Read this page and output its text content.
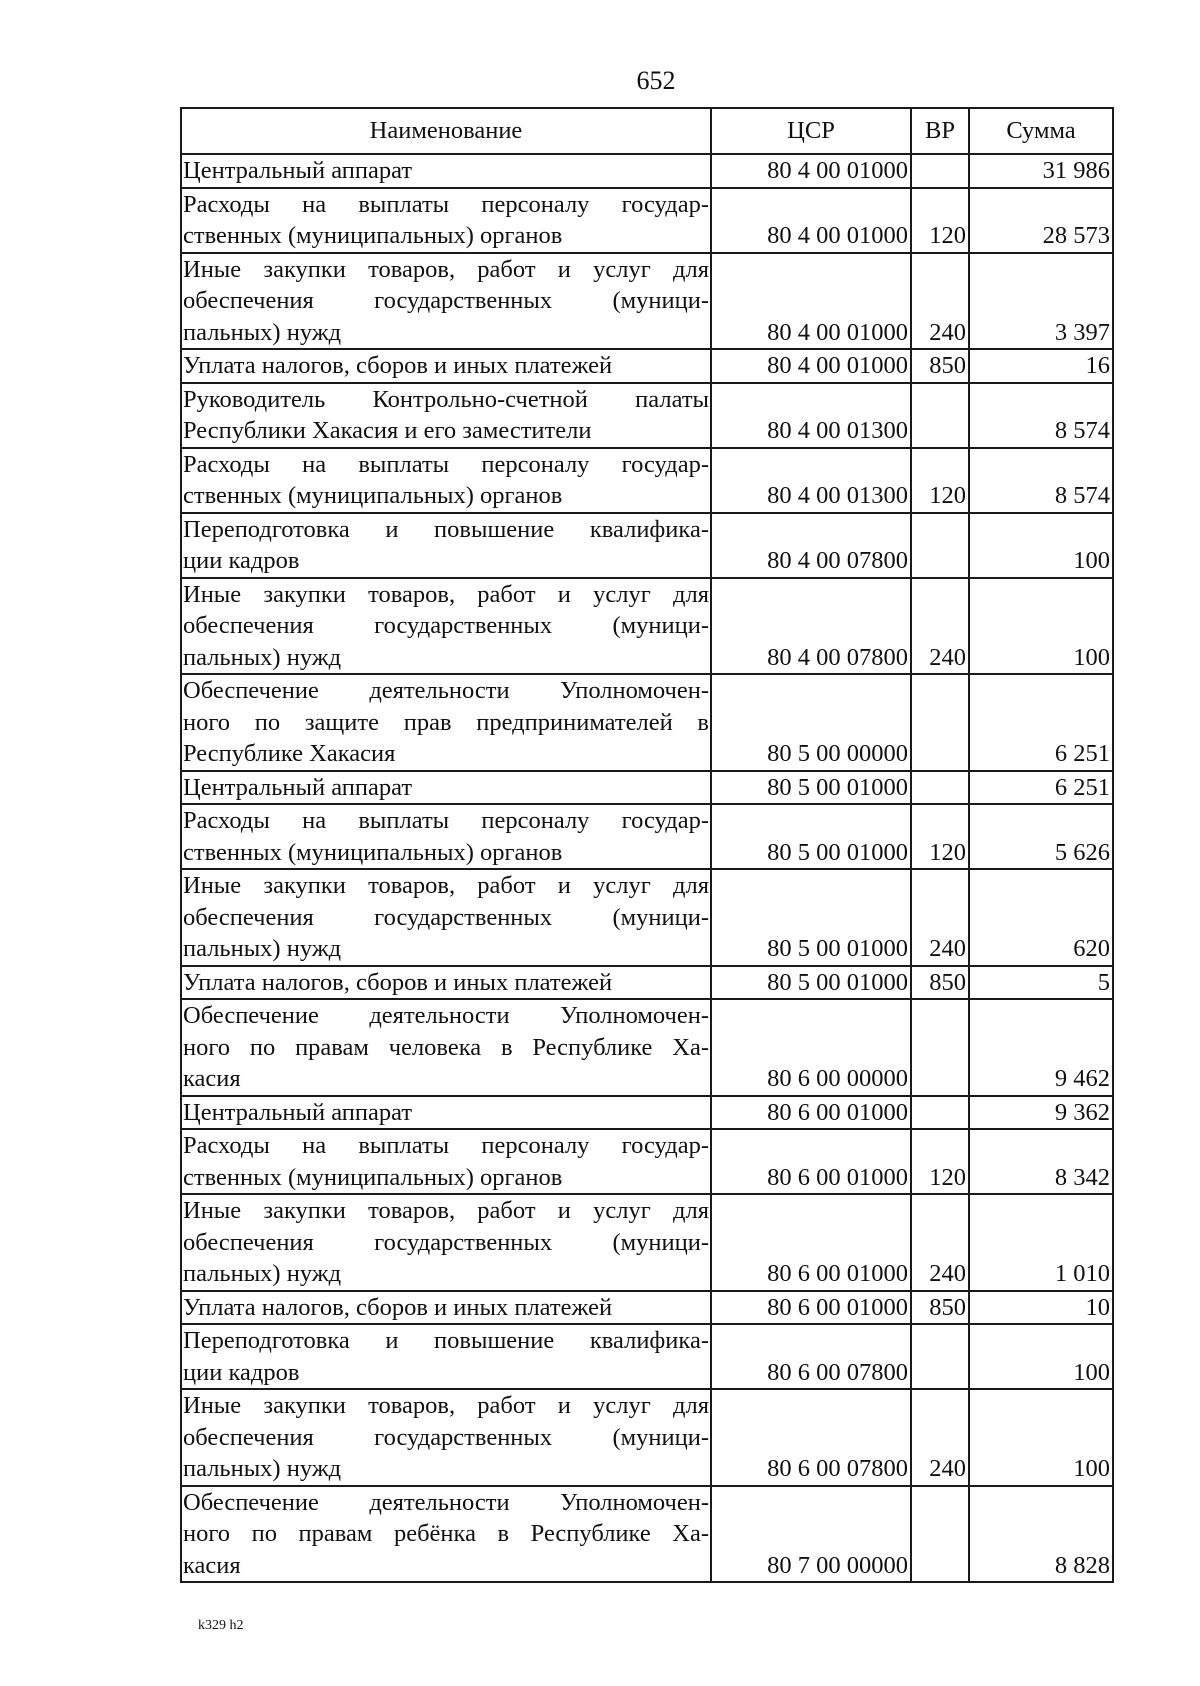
652
Наименование	ЦСР	ВР	Сумма
Центральный аппарат	80 4 00 01000		31 986

Расходы на выплаты персоналу государ-
ственных (муниципальных) органов	80 4 00 01000	120	28 573

Иные закупки товаров, работ и услуг для
обеспечения государственных (муници-
пальных) нужд	80 4 00 01000	240	3 397
Уплата налогов, сборов и иных платежей	80 4 00 01000	850	16

Руководитель Контрольно-счетной палаты
Республики Хакасия и его заместители	80 4 00 01300		8 574

Расходы на выплаты персоналу государ-
ственных (муниципальных) органов	80 4 00 01300	120	8 574

Переподготовка и повышение квалифика-
ции кадров	80 4 00 07800		100

Иные закупки товаров, работ и услуг для
обеспечения государственных (муници-
пальных) нужд	80 4 00 07800	240	100

Обеспечение деятельности Уполномочен-
ного по защите прав предпринимателей в
Республике Хакасия	80 5 00 00000		6 251
Центральный аппарат	80 5 00 01000		6 251

Расходы на выплаты персоналу государ-
ственных (муниципальных) органов	80 5 00 01000	120	5 626

Иные закупки товаров, работ и услуг для
обеспечения государственных (муници-
пальных) нужд	80 5 00 01000	240	620
Уплата налогов, сборов и иных платежей	80 5 00 01000	850	5

Обеспечение деятельности Уполномочен-
ного по правам человека в Республике Ха-
касия	80 6 00 00000		9 462
Центральный аппарат	80 6 00 01000		9 362

Расходы на выплаты персоналу государ-
ственных (муниципальных) органов	80 6 00 01000	120	8 342

Иные закупки товаров, работ и услуг для
обеспечения государственных (муници-
пальных) нужд	80 6 00 01000	240	1 010
Уплата налогов, сборов и иных платежей	80 6 00 01000	850	10

Переподготовка и повышение квалифика-
ции кадров	80 6 00 07800		100

Иные закупки товаров, работ и услуг для
обеспечения государственных (муници-
пальных) нужд	80 6 00 07800	240	100

Обеспечение деятельности Уполномочен-
ного по правам ребёнка в Республике Ха-
касия	80 7 00 00000		8 828
k329 h2
